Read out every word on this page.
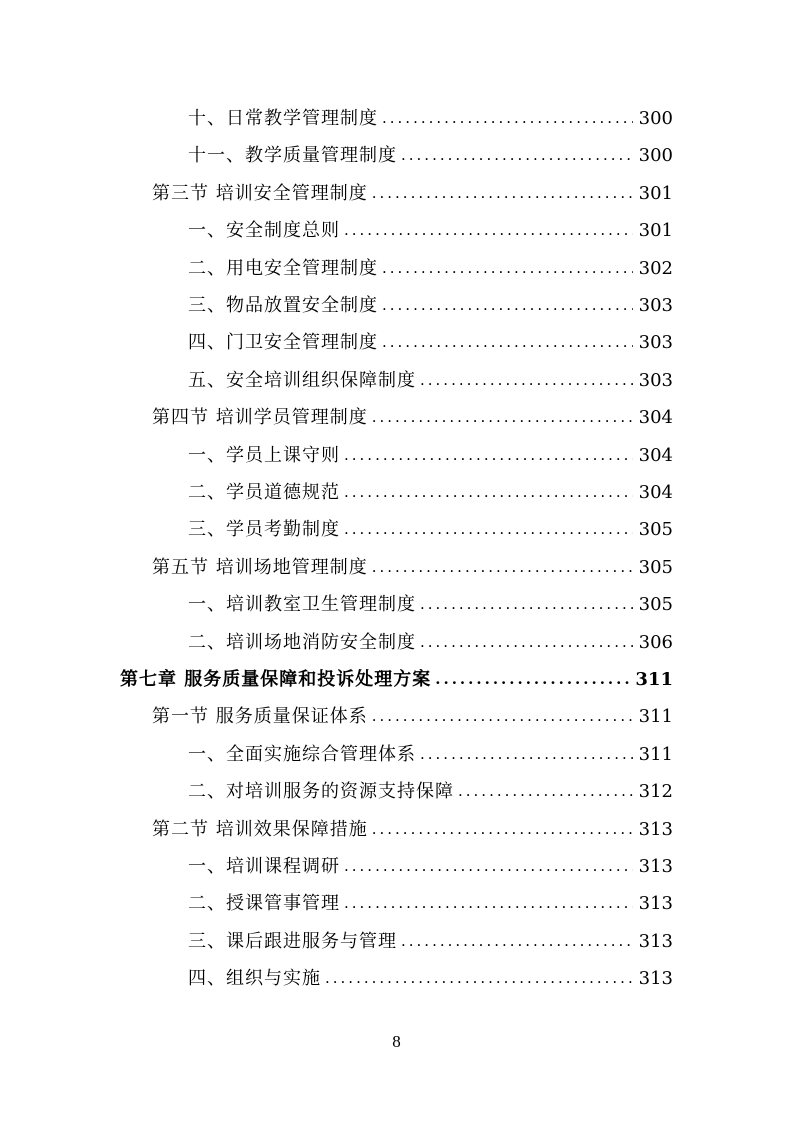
十、日常教学管理制度 .....	300
十一、教学质量管理制度 .....	300
第三节 培训安全管理制度 .....	301
一、安全制度总则 .....	301
二、用电安全管理制度 .....	302
三、物品放置安全制度 .....	303
四、门卫安全管理制度 .....	303
五、安全培训组织保障制度 .....	303
第四节 培训学员管理制度 .....	304
一、学员上课守则 .....	304
二、学员道德规范 .....	304
三、学员考勤制度 .....	305
第五节 培训场地管理制度 .....	305
一、培训教室卫生管理制度 .....	305
二、培训场地消防安全制度 .....	306
第七章 服务质量保障和投诉处理方案 .....	311
第一节 服务质量保证体系 .....	311
一、全面实施综合管理体系 .....	311
二、对培训服务的资源支持保障 .....	312
第二节 培训效果保障措施 .....	313
一、培训课程调研 .....	313
二、授课管事管理 .....	313
三、课后跟进服务与管理 .....	313
四、组织与实施 .....	313
8
